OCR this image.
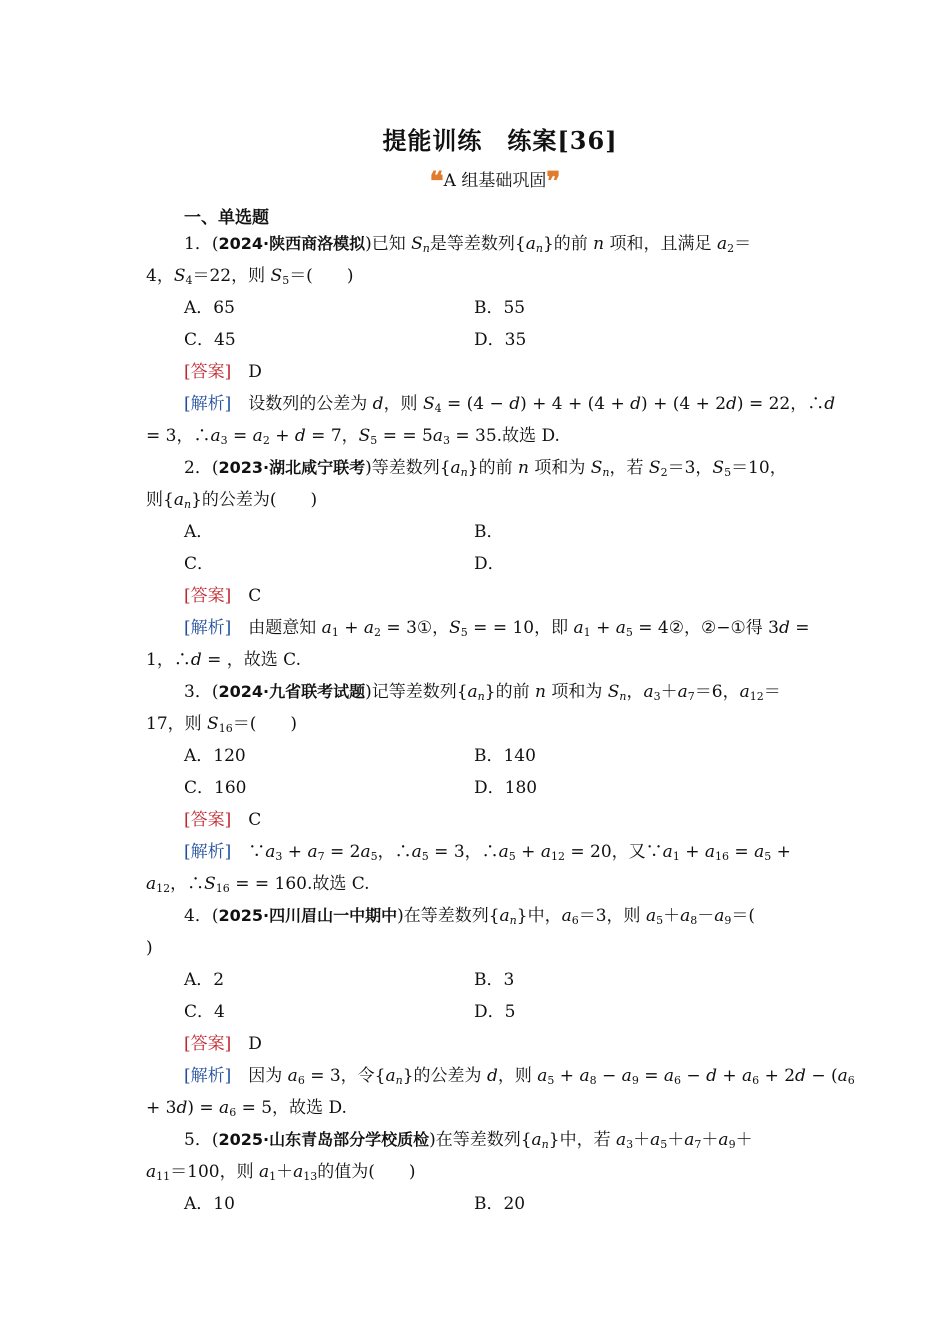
提能训练　练案[36]
❝A 组基础巩固❞
一、单选题
1．(2024·陕西商洛模拟)已知 $S_n$是等差数列$\{a_n\}$的前 n 项和，且满足 $a_2=$
4，$S_4=22$，则 $S_5=$(　　)
A．65	B．55
C．45	D．35
[答案]　 D
[解析]　设数列的公差为 d，则 $S_4 = (4 - d) + 4 + (4 + d) + (4 + 2d) = 22$，∴d
= 3，$\therefore a_3 = a_2 + d = 7$，$S_5$ = = $5a_3 = 35$.故选 D.
2．(2023·湖北咸宁联考)等差数列$\{a_n\}$的前 n 项和为 $S_n$，若 $S_2=3$，$S_5=10$，
则$\{a_n\}$的公差为(　　)
A．	B．
C．	D．
[答案]　 C
[解析]　由题意知 $a_1 + a_2$ = 3①，$S_5$ = = 10，即 $a_1 + a_5$ = 4②，②−①得 3d =
1，∴d = ，故选 C.
3．(2024·九省联考试题)记等差数列$\{a_n\}$的前 n 项和为 $S_n$，$a_3+a_7=6$，$a_{12}=$
17，则 $S_{16}=$(　　)
A．120	B．140
C．160	D．180
[答案]　 C
[解析]　$\because a_3 + a_7 = 2a_5$，$\therefore a_5 = 3$，$\therefore a_5 + a_{12} = 20$，又$\because a_1 + a_{16} = a_5$ +
$a_{12}$，$\therefore S_{16}$ = = 160.故选 C.
4．(2025·四川眉山一中期中)在等差数列$\{a_n\}$中，$a_6=3$，则 $a_5+a_8-a_9=$(
)
A．2	B．3
C．4	D．5
[答案]　 D
[解析]　因为 $a_6 = 3$，令$\{a_n\}$的公差为 d，则 $a_5 + a_8 - a_9 = a_6 - d + a_6 + 2d - (a_6$
+ $3d) = a_6 = 5$，故选 D.
5．(2025·山东青岛部分学校质检)在等差数列$\{a_n\}$中，若 $a_3+a_5+a_7+a_9+$
$a_{11}=100$，则 $a_1+a_{13}$的值为(　　)
A．10	B．20
